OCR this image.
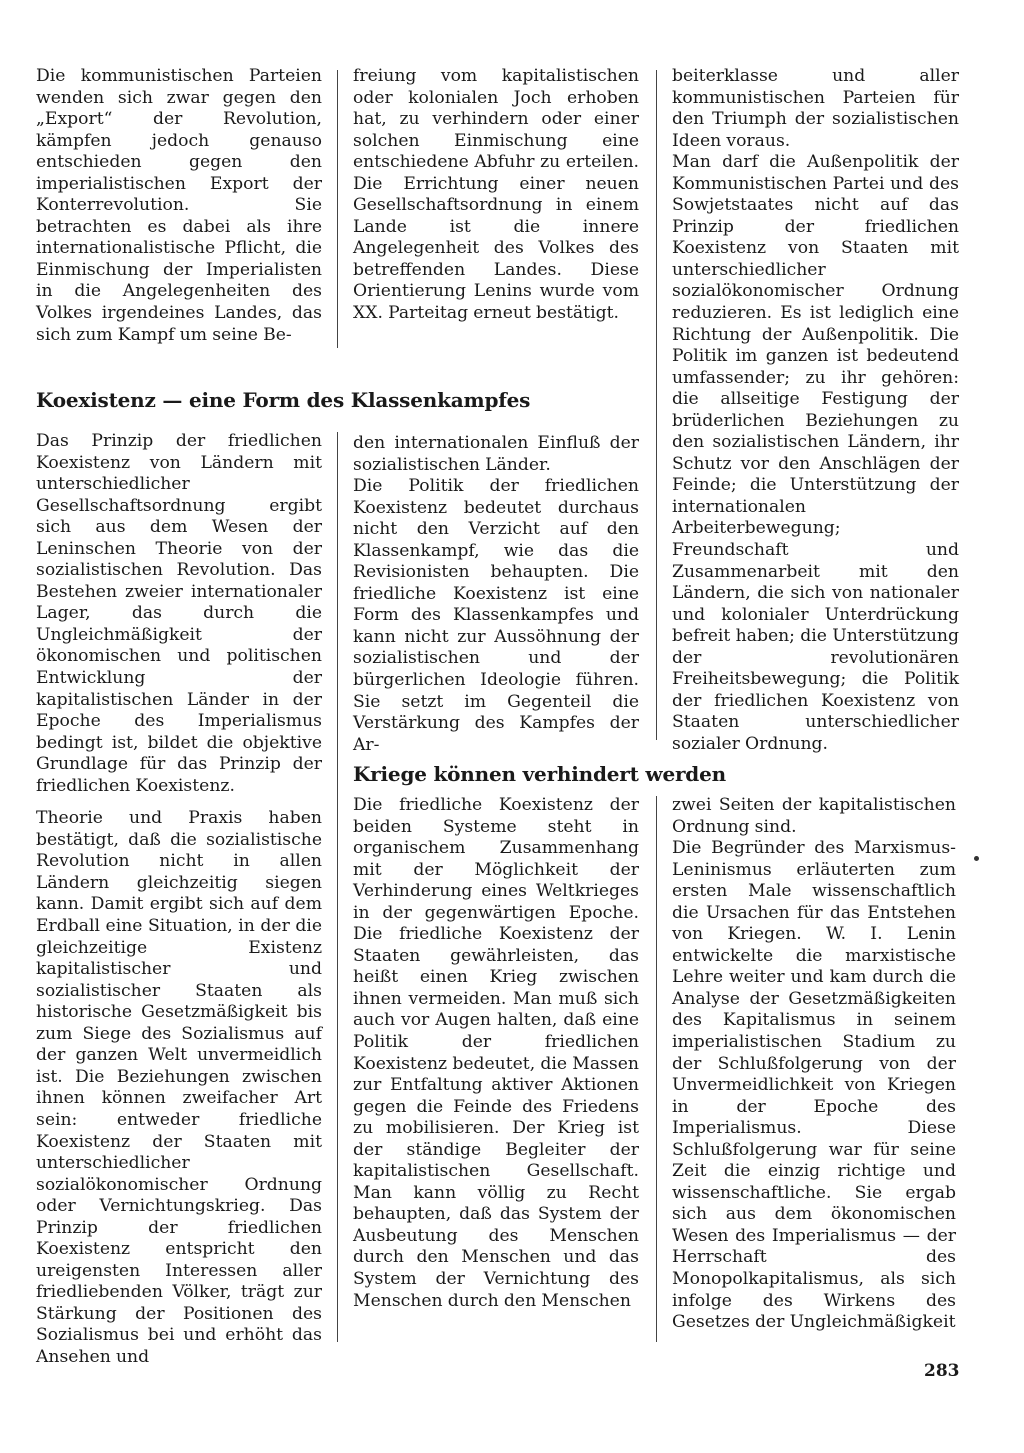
Die kommunistischen Parteien wenden sich zwar gegen den „Export“ der Revolution, kämpfen jedoch genauso entschieden gegen den imperialistischen Export der Konterrevolution. Sie betrachten es dabei als ihre internationalistische Pflicht, die Einmischung der Imperialisten in die Angelegenheiten des Volkes irgendeines Landes, das sich zum Kampf um seine Be-

freiung vom kapitalistischen oder kolonialen Joch erhoben hat, zu verhindern oder einer solchen Einmischung eine entschiedene Abfuhr zu erteilen. Die Errichtung einer neuen Gesellschaftsordnung in einem Lande ist die innere Angelegenheit des Volkes des betreffenden Landes. Diese Orientierung Lenins wurde vom XX. Parteitag erneut bestätigt.

beiterklasse und aller kommunistischen Parteien für den Triumph der sozialistischen Ideen voraus.

Man darf die Außenpolitik der Kommunistischen Partei und des Sowjetstaates nicht auf das Prinzip der friedlichen Koexistenz von Staaten mit unterschiedlicher sozialökonomischer Ordnung reduzieren. Es ist lediglich eine Richtung der Außenpolitik. Die Politik im ganzen ist bedeutend umfassender; zu ihr gehören: die allseitige Festigung der brüderlichen Beziehungen zu den sozialistischen Ländern, ihr Schutz vor den Anschlägen der Feinde; die Unterstützung der internationalen Arbeiterbewegung; Freundschaft und Zusammenarbeit mit den Ländern, die sich von nationaler und kolonialer Unterdrückung befreit haben; die Unterstützung der revolutionären Freiheitsbewegung; die Politik der friedlichen Koexistenz von Staaten unterschiedlicher sozialer Ordnung.

Koexistenz — eine Form des Klassenkampfes

Das Prinzip der friedlichen Koexistenz von Ländern mit unterschiedlicher Gesellschaftsordnung ergibt sich aus dem Wesen der Leninschen Theorie von der sozialistischen Revolution. Das Bestehen zweier internationaler Lager, das durch die Ungleichmäßigkeit der ökonomischen und politischen Entwicklung der kapitalistischen Länder in der Epoche des Imperialismus bedingt ist, bildet die objektive Grundlage für das Prinzip der friedlichen Koexistenz.

Theorie und Praxis haben bestätigt, daß die sozialistische Revolution nicht in allen Ländern gleichzeitig siegen kann. Damit ergibt sich auf dem Erdball eine Situation, in der die gleichzeitige Existenz kapitalistischer und sozialistischer Staaten als historische Gesetzmäßigkeit bis zum Siege des Sozialismus auf der ganzen Welt unvermeidlich ist. Die Beziehungen zwischen ihnen können zweifacher Art sein: entweder friedliche Koexistenz der Staaten mit unterschiedlicher sozialökonomischer Ordnung oder Vernichtungskrieg. Das Prinzip der friedlichen Koexistenz entspricht den ureigensten Interessen aller friedliebenden Völker, trägt zur Stärkung der Positionen des Sozialismus bei und erhöht das Ansehen und

den internationalen Einfluß der sozialistischen Länder.

Die Politik der friedlichen Koexistenz bedeutet durchaus nicht den Verzicht auf den Klassenkampf, wie das die Revisionisten behaupten. Die friedliche Koexistenz ist eine Form des Klassenkampfes und kann nicht zur Aussöhnung der sozialistischen und der bürgerlichen Ideologie führen. Sie setzt im Gegenteil die Verstärkung des Kampfes der Ar-

Kriege können verhindert werden

Die friedliche Koexistenz der beiden Systeme steht in organischem Zusammenhang mit der Möglichkeit der Verhinderung eines Weltkrieges in der gegenwärtigen Epoche. Die friedliche Koexistenz der Staaten gewährleisten, das heißt einen Krieg zwischen ihnen vermeiden. Man muß sich auch vor Augen halten, daß eine Politik der friedlichen Koexistenz bedeutet, die Massen zur Entfaltung aktiver Aktionen gegen die Feinde des Friedens zu mobilisieren. Der Krieg ist der ständige Begleiter der kapitalistischen Gesellschaft. Man kann völlig zu Recht behaupten, daß das System der Ausbeutung des Menschen durch den Menschen und das System der Vernichtung des Menschen durch den Menschen

zwei Seiten der kapitalistischen Ordnung sind.

Die Begründer des Marxismus-Leninismus erläuterten zum ersten Male wissenschaftlich die Ursachen für das Entstehen von Kriegen. W. I. Lenin entwickelte die marxistische Lehre weiter und kam durch die Analyse der Gesetzmäßigkeiten des Kapitalismus in seinem imperialistischen Stadium zu der Schlußfolgerung von der Unvermeidlichkeit von Kriegen in der Epoche des Imperialismus. Diese Schlußfolgerung war für seine Zeit die einzig richtige und wissenschaftliche. Sie ergab sich aus dem ökonomischen Wesen des Imperialismus — der Herrschaft des Monopolkapitalismus, als sich infolge des Wirkens des Gesetzes der Ungleichmäßigkeit

283
